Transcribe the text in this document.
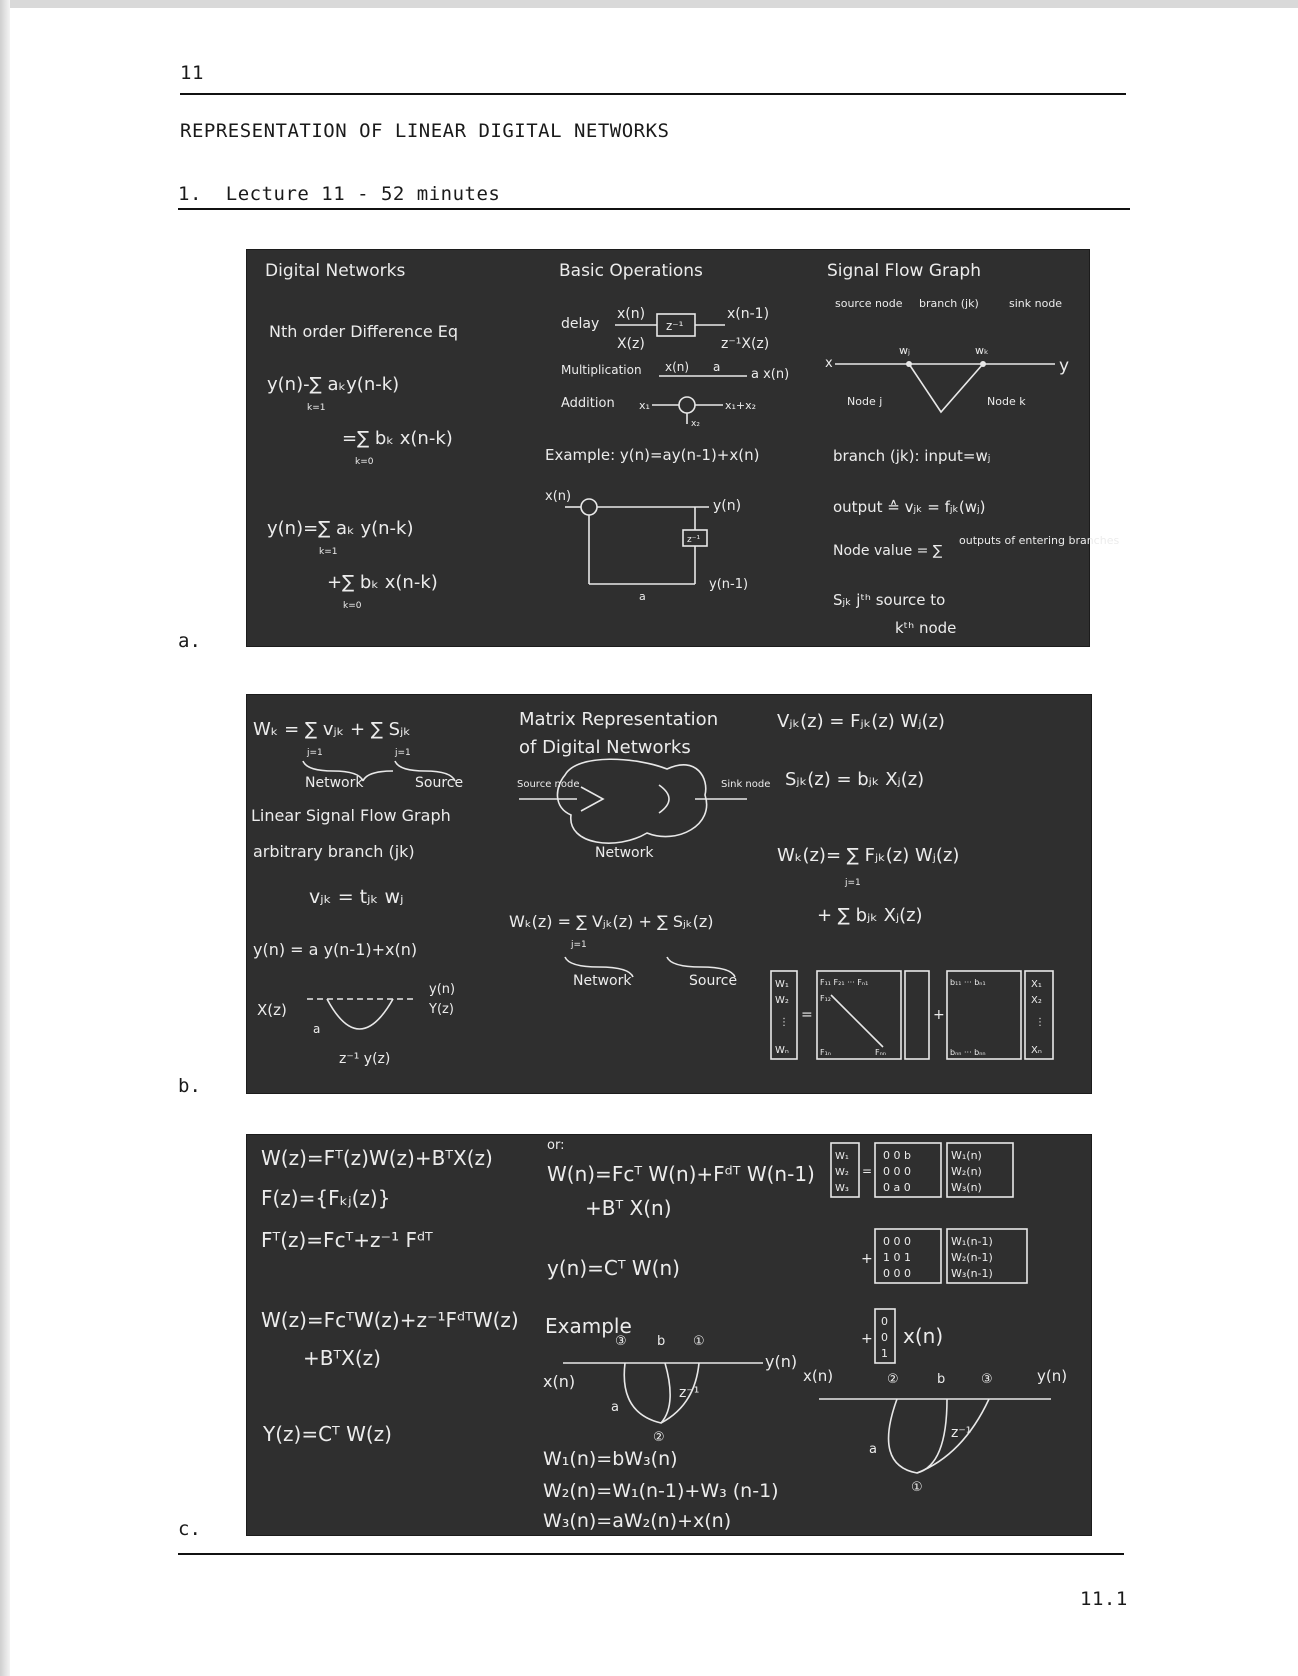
11
REPRESENTATION OF LINEAR DIGITAL NETWORKS
1.  Lecture 11 - 52 minutes
a.
Digital Networks
Nth order Difference Eq
y(n)-∑ aₖy(n-k)
k=1
=∑ bₖ x(n-k)
k=0
y(n)=∑ aₖ y(n-k)
k=1
+∑ bₖ x(n-k)
k=0
Basic Operations
delay
x(n)
X(z)
z⁻¹
x(n-1)
z⁻¹X(z)
Multiplication x(n) a a x(n)
Addition x₁
x₂
x₁+x₂
Example: y(n)=ay(n-1)+x(n)
x(n)
y(n)
z⁻¹
a
y(n-1)
Signal Flow Graph
source node branch (jk)	sink node
x	y
wⱼ	wₖ
Node j	Node k
branch (jk): input=wⱼ
output ≙ vⱼₖ = fⱼₖ(wⱼ)
Node value = ∑
outputs of entering branches
Sⱼₖ jᵗʰ source to
kᵗʰ node
b.
Wₖ = ∑ vⱼₖ + ∑ Sⱼₖ
j=1	j=1
Network	Source
Linear Signal Flow Graph
arbitrary branch (jk)
vⱼₖ = tⱼₖ wⱼ
y(n) = a y(n-1)+x(n)
X(z)
y(n)
Y(z)
a
z⁻¹ y(z)
Matrix Representation
of Digital Networks
Source node	Sink node
Network
Wₖ(z) = ∑ Vⱼₖ(z) + ∑ Sⱼₖ(z)
j=1
Network	Source
Vⱼₖ(z) = Fⱼₖ(z) Wⱼ(z)
Sⱼₖ(z) = bⱼₖ Xⱼ(z)
Wₖ(z)= ∑ Fⱼₖ(z) Wⱼ(z)
j=1
+ ∑ bⱼₖ Xⱼ(z)
W₁
W₂
⋮
Wₙ
=
F₁₁ F₂₁ ··· Fₙ₁
F₁₂
F₁ₙ	Fₙₙ
+
b₁₁ ··· bₙ₁
bₙₙ ··· bₙₙ
X₁
X₂
⋮
Xₙ
c.
W(z)=Fᵀ(z)W(z)+BᵀX(z)
F(z)={Fₖⱼ(z)}
Fᵀ(z)=Fᴄᵀ+z⁻¹ Fᵈᵀ
W(z)=FᴄᵀW(z)+z⁻¹FᵈᵀW(z)
+BᵀX(z)
Y(z)=Cᵀ W(z)
or:
W(n)=Fᴄᵀ W(n)+Fᵈᵀ W(n-1)
+Bᵀ X(n)
y(n)=Cᵀ W(n)
Example
③ b ①
x(n)
y(n)
a
z⁻¹
②
W₁(n)=bW₃(n)
W₂(n)=W₁(n-1)+W₃ (n-1)
W₃(n)=aW₂(n)+x(n)
W₁
W₂
W₃
=
0 0 b
0 0 0
0 a 0
W₁(n)
W₂(n)
W₃(n)
+
0 0 0
1 0 1
0 0 0
W₁(n-1)
W₂(n-1)
W₃(n-1)
+
0
0
1
x(n)
x(n)	②	b	③	y(n)
a
z⁻¹
①
11.1
